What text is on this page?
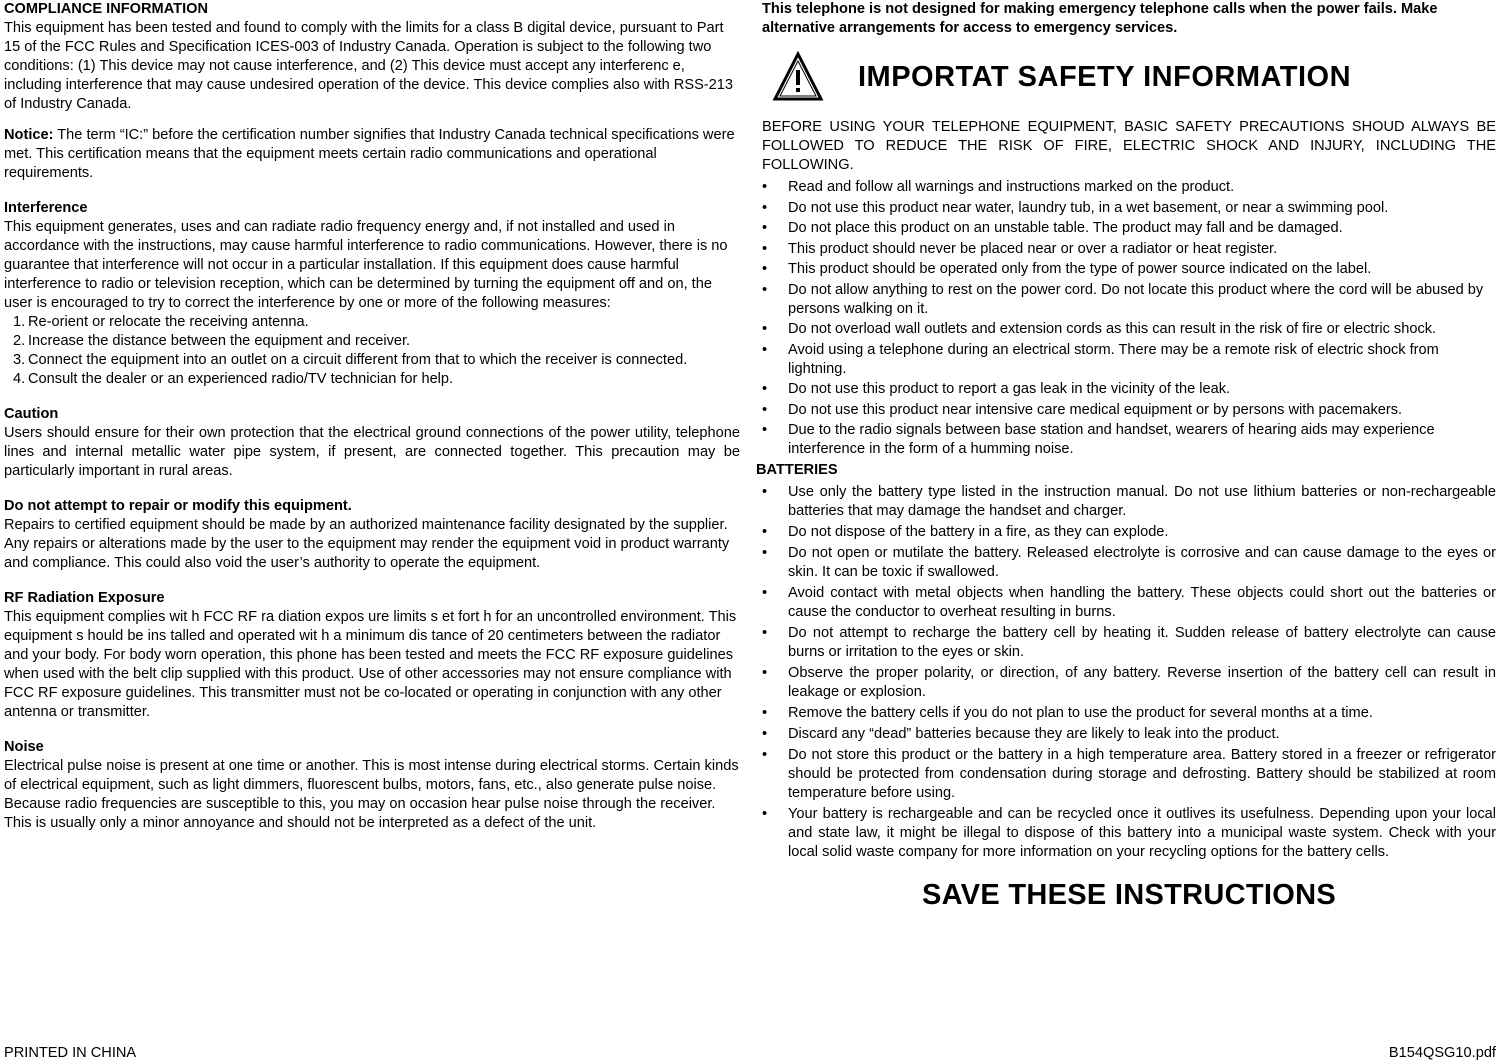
COMPLIANCE INFORMATION

This equipment has been tested and found to comply with the limits for a class B digital device, pursuant to Part 15 of the FCC Rules and Specification ICES-003 of Industry Canada. Operation is subject to the following two conditions: (1) This device may not cause interference, and (2) This device must accept any interferenc e, including interference that may cause undesired operation of the device. This device complies also with RSS-213 of Industry Canada.

Notice: The term “IC:” before the certification number signifies that Industry Canada technical specifications were met. This certification means that the equipment meets certain radio communications and operational requirements.

Interference

This equipment generates, uses and can radiate radio frequency energy and, if not installed and used in accordance with the instructions, may cause harmful interference to radio communications. However, there is no guarantee that interference will not occur in a particular installation. If this equipment does cause harmful interference to radio or television reception, which can be determined by turning the equipment off and on, the user is encouraged to try to correct the interference by one or more of the following measures:

1. Re-orient or relocate the receiving antenna.
2. Increase the distance between the equipment and receiver.
3. Connect the equipment into an outlet on a circuit different from that to which the receiver is connected.
4. Consult the dealer or an experienced radio/TV technician for help.
Caution

Users should ensure for their own protection that the electrical ground connections of the power utility, telephone lines and internal metallic water pipe system, if present, are connected together. This precaution may be particularly important in rural areas.

Do not attempt to repair or modify this equipment.

Repairs to certified equipment should be made by an authorized maintenance facility designated by the supplier. Any repairs or alterations made by the user to the equipment may render the equipment void in product warranty and compliance. This could also void the user’s authority to operate the equipment.

RF Radiation Exposure

This equipment complies wit h FCC RF ra diation expos ure limits s et fort h for an uncontrolled environment. This equipment s hould be ins talled and operated wit h a minimum dis tance of 20 centimeters between the radiator and your body. For body worn operation, this phone has been tested and meets the FCC RF exposure guidelines when used with the belt clip supplied with this product. Use of other accessories may not ensure compliance with FCC RF exposure guidelines. This transmitter must not be co-located or operating in conjunction with any other antenna or transmitter.

Noise

Electrical pulse noise is present at one time or another. This is most intense during electrical storms. Certain kinds of electrical equipment, such as light dimmers, fluorescent bulbs, motors, fans, etc., also generate pulse noise. Because radio frequencies are susceptible to this, you may on occasion hear pulse noise through the receiver. This is usually only a minor annoyance and should not be interpreted as a defect of the unit.

This telephone is not designed for making emergency telephone calls when the power fails. Make alternative arrangements for access to emergency services.

IMPORTAT SAFETY INFORMATION

BEFORE USING YOUR TELEPHONE EQUIPMENT, BASIC SAFETY PRECAUTIONS SHOUD ALWAYS BE FOLLOWED TO REDUCE THE RISK OF FIRE, ELECTRIC SHOCK AND INJURY, INCLUDING THE FOLLOWING.

• Read and follow all warnings and instructions marked on the product.
• Do not use this product near water, laundry tub, in a wet basement, or near a swimming pool.
• Do not place this product on an unstable table. The product may fall and be damaged.
• This product should never be placed near or over a radiator or heat register.
• This product should be operated only from the type of power source indicated on the label.
• Do not allow anything to rest on the power cord. Do not locate this product where the cord will be abused by persons walking on it.
• Do not overload wall outlets and extension cords as this can result in the risk of fire or electric shock.
• Avoid using a telephone during an electrical storm. There may be a remote risk of electric shock from lightning.
• Do not use this product to report a gas leak in the vicinity of the leak.
• Do not use this product near intensive care medical equipment or by persons with pacemakers.
• Due to the radio signals between base station and handset, wearers of hearing aids may experience interference in the form of a humming noise.

BATTERIES

• Use only the battery type listed in the instruction manual. Do not use lithium batteries or non-rechargeable batteries that may damage the handset and charger.
• Do not dispose of the battery in a fire, as they can explode.
• Do not open or mutilate the battery. Released electrolyte is corrosive and can cause damage to the eyes or skin. It can be toxic if swallowed.
• Avoid contact with metal objects when handling the battery. These objects could short out the batteries or cause the conductor to overheat resulting in burns.
• Do not attempt to recharge the battery cell by heating it. Sudden release of battery electrolyte can cause burns or irritation to the eyes or skin.
• Observe the proper polarity, or direction, of any battery. Reverse insertion of the battery cell can result in leakage or explosion.
• Remove the battery cells if you do not plan to use the product for several months at a time.
• Discard any “dead” batteries because they are likely to leak into the product.
• Do not store this product or the battery in a high temperature area. Battery stored in a freezer or refrigerator should be protected from condensation during storage and defrosting. Battery should be stabilized at room temperature before using.
• Your battery is rechargeable and can be recycled once it outlives its usefulness. Depending upon your local and state law, it might be illegal to dispose of this battery into a municipal waste system. Check with your local solid waste company for more information on your recycling options for the battery cells.

SAVE THESE INSTRUCTIONS

PRINTED IN CHINA	B154QSG10.pdf
